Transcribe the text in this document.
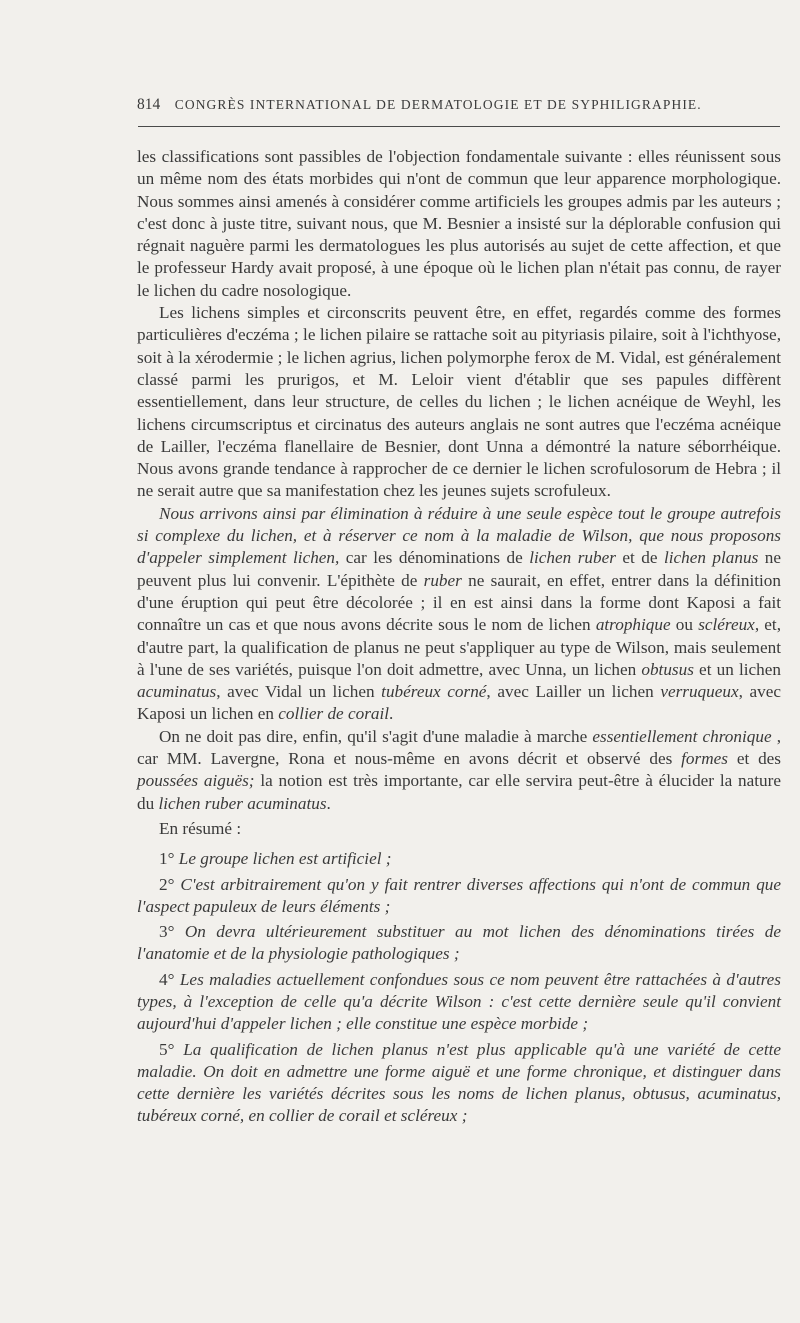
814 CONGRÈS INTERNATIONAL DE DERMATOLOGIE ET DE SYPHILIGRAPHIE.

les classifications sont passibles de l'objection fondamentale suivante : elles réunissent sous un même nom des états morbides qui n'ont de commun que leur apparence morphologique. Nous sommes ainsi amenés à considérer comme artificiels les groupes admis par les auteurs ; c'est donc à juste titre, suivant nous, que M. Besnier a insisté sur la déplorable confusion qui régnait naguère parmi les dermatologues les plus autorisés au sujet de cette affection, et que le professeur Hardy avait proposé, à une époque où le lichen plan n'était pas connu, de rayer le lichen du cadre nosologique.

Les lichens simples et circonscrits peuvent être, en effet, regardés comme des formes particulières d'eczéma ; le lichen pilaire se rattache soit au pityriasis pilaire, soit à l'ichthyose, soit à la xérodermie ; le lichen agrius, lichen polymorphe ferox de M. Vidal, est généralement classé parmi les prurigos, et M. Leloir vient d'établir que ses papules diffèrent essentiellement, dans leur structure, de celles du lichen ; le lichen acnéique de Weyhl, les lichens circumscriptus et circinatus des auteurs anglais ne sont autres que l'eczéma acnéique de Lailler, l'eczéma flanellaire de Besnier, dont Unna a démontré la nature séborrhéique. Nous avons grande tendance à rapprocher de ce dernier le lichen scrofulosorum de Hebra ; il ne serait autre que sa manifestation chez les jeunes sujets scrofuleux.

Nous arrivons ainsi par élimination à réduire à une seule espèce tout le groupe autrefois si complexe du lichen, et à réserver ce nom à la maladie de Wilson, que nous proposons d'appeler simplement lichen, car les dénominations de lichen ruber et de lichen planus ne peuvent plus lui convenir. L'épithète de ruber ne saurait, en effet, entrer dans la définition d'une éruption qui peut être décolorée ; il en est ainsi dans la forme dont Kaposi a fait connaître un cas et que nous avons décrite sous le nom de lichen atrophique ou scléreux, et, d'autre part, la qualification de planus ne peut s'appliquer au type de Wilson, mais seulement à l'une de ses variétés, puisque l'on doit admettre, avec Unna, un lichen obtusus et un lichen acuminatus, avec Vidal un lichen tubéreux corné, avec Lailler un lichen verruqueux, avec Kaposi un lichen en collier de corail.

On ne doit pas dire, enfin, qu'il s'agit d'une maladie à marche essentiellement chronique , car MM. Lavergne, Rona et nous-même en avons décrit et observé des formes et des poussées aiguës; la notion est très importante, car elle servira peut-être à élucider la nature du lichen ruber acuminatus.

En résumé :

1° Le groupe lichen est artificiel ;

2° C'est arbitrairement qu'on y fait rentrer diverses affections qui n'ont de commun que l'aspect papuleux de leurs éléments ;

3° On devra ultérieurement substituer au mot lichen des dénominations tirées de l'anatomie et de la physiologie pathologiques ;

4° Les maladies actuellement confondues sous ce nom peuvent être rattachées à d'autres types, à l'exception de celle qu'a décrite Wilson : c'est cette dernière seule qu'il convient aujourd'hui d'appeler lichen ; elle constitue une espèce morbide ;

5° La qualification de lichen planus n'est plus applicable qu'à une variété de cette maladie. On doit en admettre une forme aiguë et une forme chronique, et distinguer dans cette dernière les variétés décrites sous les noms de lichen planus, obtusus, acuminatus, tubéreux corné, en collier de corail et scléreux ;
